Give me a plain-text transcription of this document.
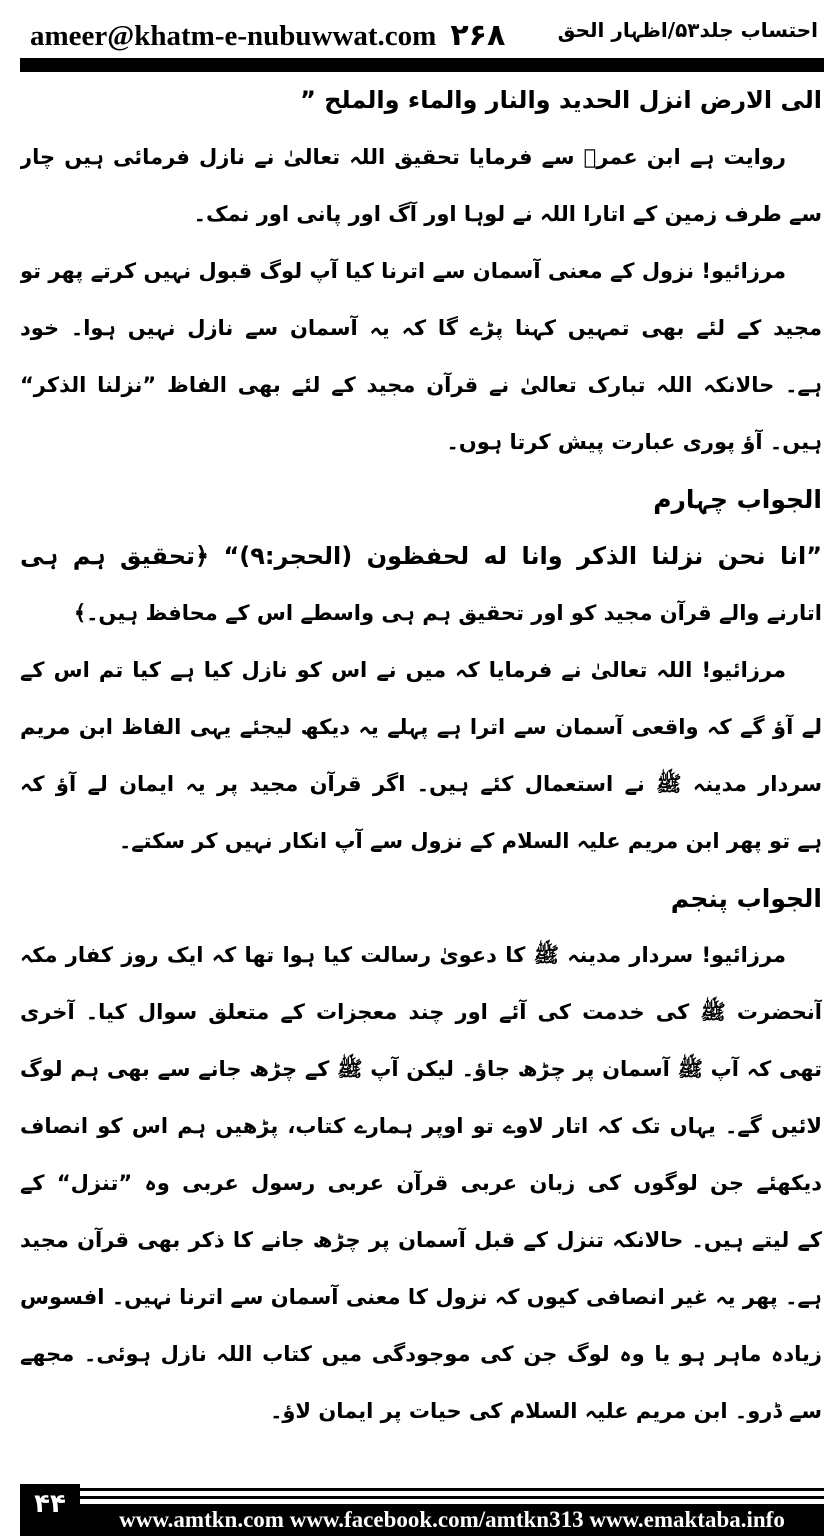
ameer@khatm-e-nubuwwat.com ۲۶۸	احتساب جلد۵۳/اظہار الحق
الی الارض انزل الحدید والنار والماء والملح ”
روایت ہے ابن عمرؓ سے فرمایا تحقیق اللہ تعالیٰ نے نازل فرمائی ہیں چار
سے طرف زمین کے اتارا اللہ نے لوہا اور آگ اور پانی اور نمک۔
مرزائیو! نزول کے معنی آسمان سے اترنا کیا آپ لوگ قبول نہیں کرتے پھر تو
مجید کے لئے بھی تمہیں کہنا پڑے گا کہ یہ آسمان سے نازل نہیں ہوا۔ خود
ہے۔ حالانکہ اللہ تبارک تعالیٰ نے قرآن مجید کے لئے بھی الفاظ ”نزلنا الذکر“
ہیں۔ آؤ پوری عبارت پیش کرتا ہوں۔
الجواب چہارم
”انا نحن نزلنا الذکر وانا له لحفظون (الحجر:۹)“ ﴿تحقیق ہم ہی
اتارنے والے قرآن مجید کو اور تحقیق ہم ہی واسطے اس کے محافظ ہیں۔﴾
مرزائیو! اللہ تعالیٰ نے فرمایا کہ میں نے اس کو نازل کیا ہے کیا تم اس کے
لے آؤ گے کہ واقعی آسمان سے اترا ہے پہلے یہ دیکھ لیجئے یہی الفاظ ابن مریم
سردار مدینہ ﷺ نے استعمال کئے ہیں۔ اگر قرآن مجید پر یہ ایمان لے آؤ کہ
ہے تو پھر ابن مریم علیہ السلام کے نزول سے آپ انکار نہیں کر سکتے۔
الجواب پنجم
مرزائیو! سردار مدینہ ﷺ کا دعویٰ رسالت کیا ہوا تھا کہ ایک روز کفار مکہ
آنحضرت ﷺ کی خدمت کی آئے اور چند معجزات کے متعلق سوال کیا۔ آخری
تھی کہ آپ ﷺ آسمان پر چڑھ جاؤ۔ لیکن آپ ﷺ کے چڑھ جانے سے بھی ہم لوگ
لائیں گے۔ یہاں تک کہ اتار لاوے تو اوپر ہمارے کتاب، پڑھیں ہم اس کو انصاف
دیکھئے جن لوگوں کی زبان عربی قرآن عربی رسول عربی وہ ”تنزل“ کے
کے لیتے ہیں۔ حالانکہ تنزل کے قبل آسمان پر چڑھ جانے کا ذکر بھی قرآن مجید
ہے۔ پھر یہ غیر انصافی کیوں کہ نزول کا معنی آسمان سے اترنا نہیں۔ افسوس
زیادہ ماہر ہو یا وہ لوگ جن کی موجودگی میں کتاب اللہ نازل ہوئی۔ مجھے
سے ڈرو۔ ابن مریم علیہ السلام کی حیات پر ایمان لاؤ۔
۴۴
www.amtkn.com www.facebook.com/amtkn313 www.emaktaba.info
